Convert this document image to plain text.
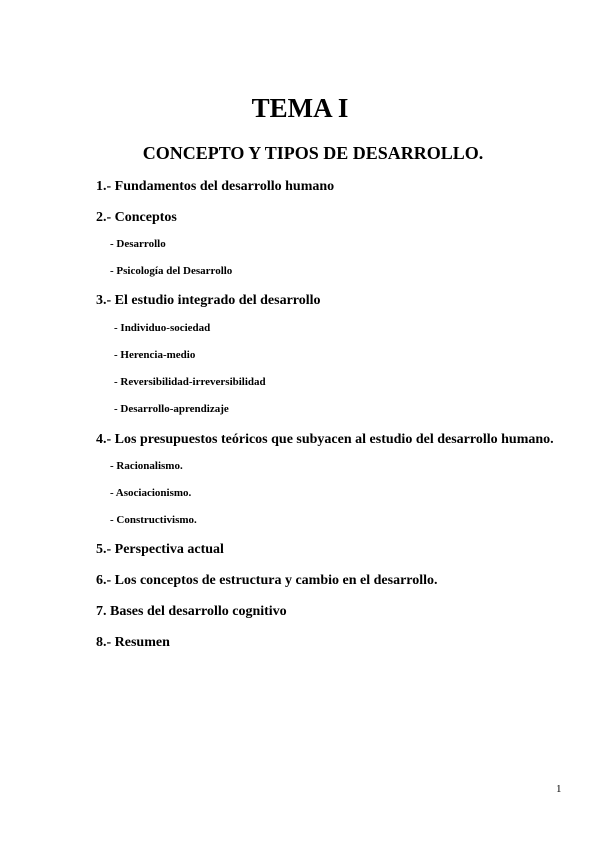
TEMA I
CONCEPTO Y TIPOS DE DESARROLLO.
1.- Fundamentos del desarrollo humano
2.- Conceptos
- Desarrollo
- Psicología del Desarrollo
3.- El estudio integrado del desarrollo
- Individuo-sociedad
- Herencia-medio
- Reversibilidad-irreversibilidad
- Desarrollo-aprendizaje
4.- Los presupuestos teóricos que subyacen al estudio del desarrollo humano.
- Racionalismo.
- Asociacionismo.
- Constructivismo.
5.- Perspectiva actual
6.- Los conceptos de estructura y cambio en el desarrollo.
7. Bases del desarrollo cognitivo
8.- Resumen
1
